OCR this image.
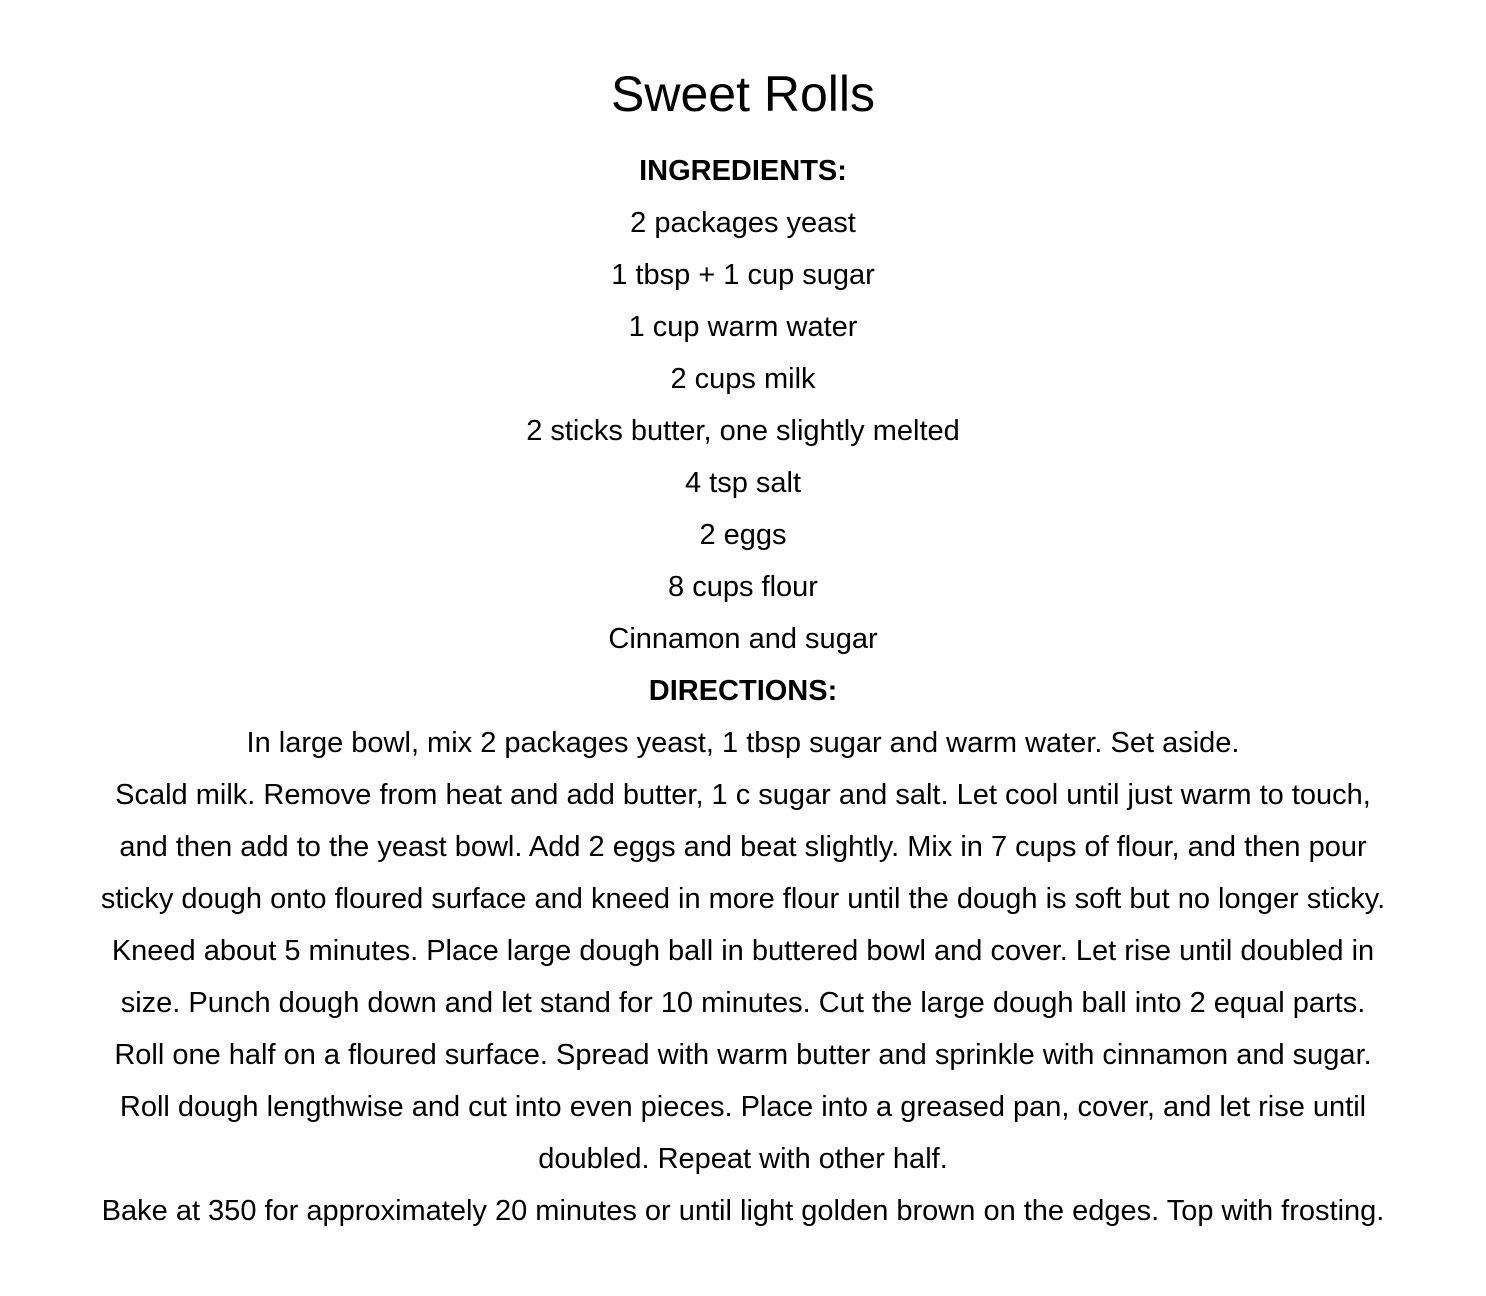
Sweet Rolls
INGREDIENTS:
2 packages yeast
1 tbsp + 1 cup sugar
1 cup warm water
2 cups milk
2 sticks butter, one slightly melted
4 tsp salt
2 eggs
8 cups flour
Cinnamon and sugar
DIRECTIONS:
In large bowl, mix 2 packages yeast, 1 tbsp sugar and warm water. Set aside.
Scald milk. Remove from heat and add butter, 1 c sugar and salt. Let cool until just warm to touch,
and then add to the yeast bowl. Add 2 eggs and beat slightly. Mix in 7 cups of flour, and then pour
sticky dough onto floured surface and kneed in more flour until the dough is soft but no longer sticky.
Kneed about 5 minutes. Place large dough ball in buttered bowl and cover. Let rise until doubled in
size. Punch dough down and let stand for 10 minutes. Cut the large dough ball into 2 equal parts.
Roll one half on a floured surface. Spread with warm butter and sprinkle with cinnamon and sugar.
Roll dough lengthwise and cut into even pieces. Place into a greased pan, cover, and let rise until
doubled. Repeat with other half.
Bake at 350 for approximately 20 minutes or until light golden brown on the edges. Top with frosting.
